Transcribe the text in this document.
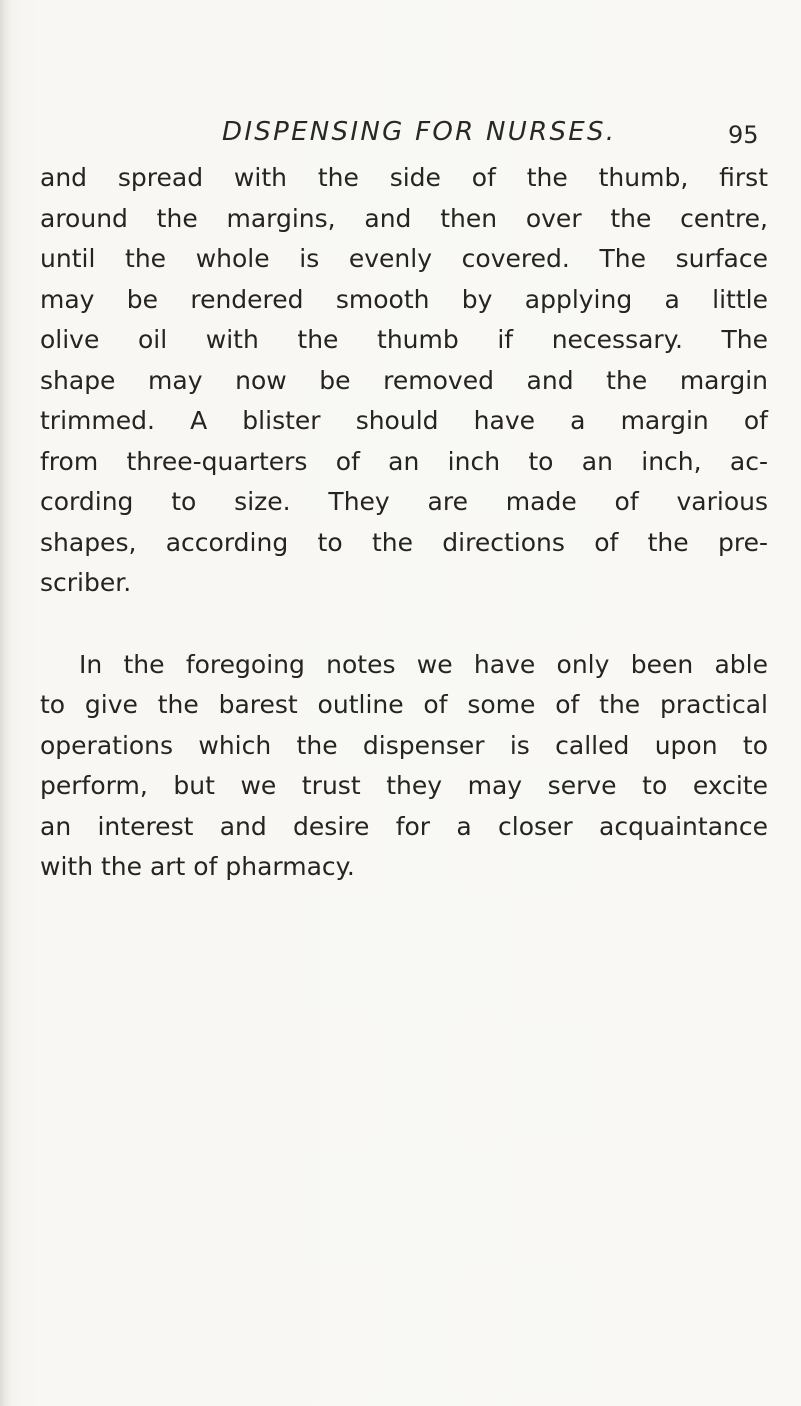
DISPENSING FOR NURSES.	95
and spread with the side of the thumb, first
around the margins, and then over the centre,
until the whole is evenly covered. The surface
may be rendered smooth by applying a little
olive oil with the thumb if necessary. The
shape may now be removed and the margin
trimmed. A blister should have a margin of
from three-quarters of an inch to an inch, ac-
cording to size. They are made of various
shapes, according to the directions of the pre-
scriber.
In the foregoing notes we have only been able
to give the barest outline of some of the practical
operations which the dispenser is called upon to
perform, but we trust they may serve to excite
an interest and desire for a closer acquaintance
with the art of pharmacy.
